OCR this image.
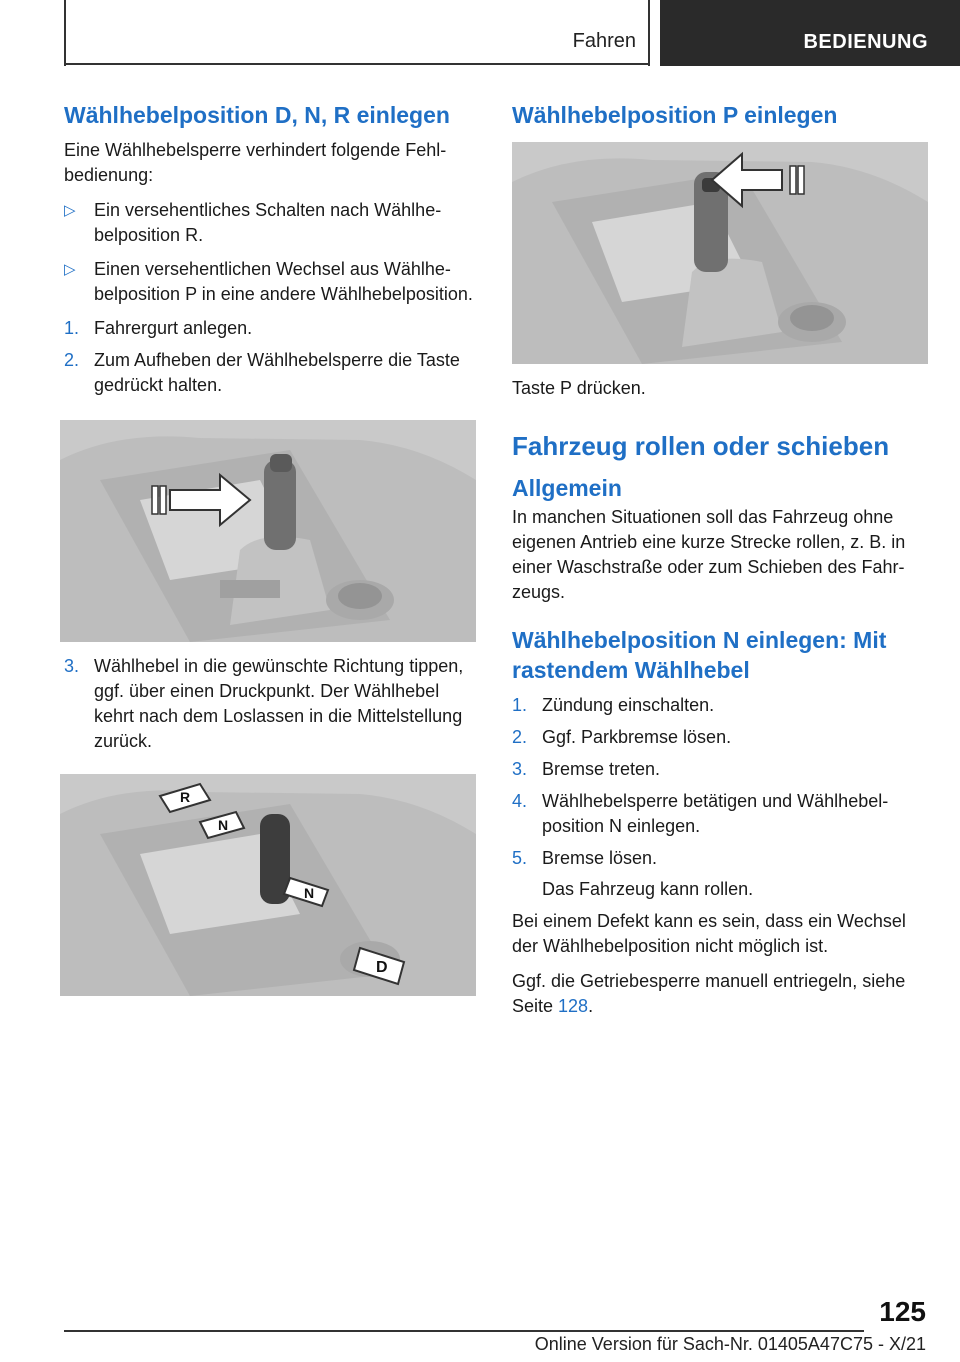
Fahren	BEDIENUNG
Wählhebelposition D, N, R einlegen

Eine Wählhebelsperre verhindert folgende Fehlbedienung:

▷ Ein versehentliches Schalten nach Wählhebelposition R.
▷ Einen versehentlichen Wechsel aus Wählhebelposition P in eine andere Wählhebelposition.
1. Fahrergurt anlegen.
2. Zum Aufheben der Wählhebelsperre die Taste gedrückt halten.
3. Wählhebel in die gewünschte Richtung tippen, ggf. über einen Druckpunkt. Der Wählhebel kehrt nach dem Loslassen in die Mittelstellung zurück.
R
N
N
D
Wählhebelposition P einlegen

Taste P drücken.

Fahrzeug rollen oder schieben
Allgemein

In manchen Situationen soll das Fahrzeug ohne eigenen Antrieb eine kurze Strecke rollen, z. B. in einer Waschstraße oder zum Schieben des Fahrzeugs.

Wählhebelposition N einlegen: Mit rastendem Wählhebel
1. Zündung einschalten.
2. Ggf. Parkbremse lösen.
3. Bremse treten.
4. Wählhebelsperre betätigen und Wählhebelposition N einlegen.
5. Bremse lösen.
Das Fahrzeug kann rollen.

Bei einem Defekt kann es sein, dass ein Wechsel der Wählhebelposition nicht möglich ist.

Ggf. die Getriebesperre manuell entriegeln, siehe Seite 128.

125
Online Version für Sach-Nr. 01405A47C75 - X/21
